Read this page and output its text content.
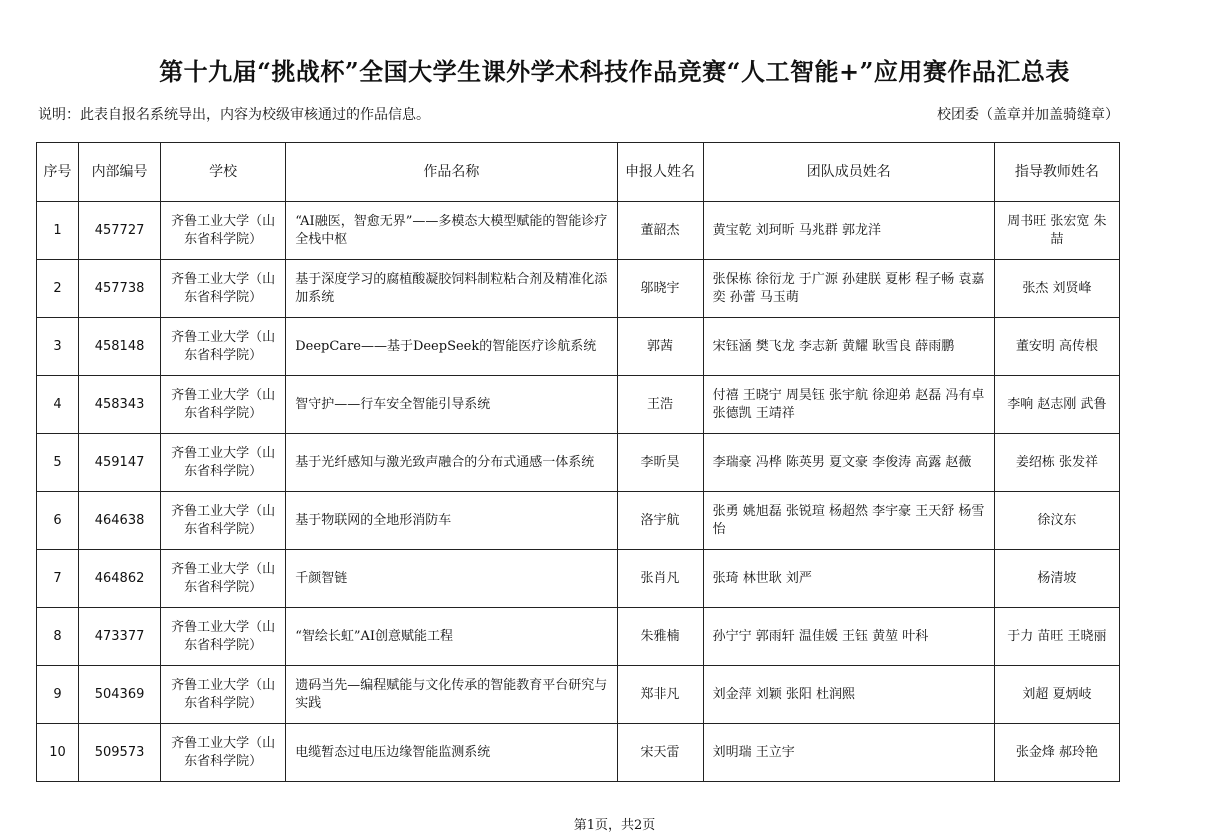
第十九届“挑战杯”全国大学生课外学术科技作品竞赛“人工智能+”应用赛作品汇总表
说明：此表自报名系统导出，内容为校级审核通过的作品信息。	校团委（盖章并加盖骑缝章）
序号	内部编号	学校	作品名称	申报人姓名	团队成员姓名	指导教师姓名
1	457727	齐鲁工业大学（山东省科学院）	“AI融医，智愈无界”——多模态大模型赋能的智能诊疗全栈中枢	董韶杰	黄宝乾 刘珂昕 马兆群 郭龙洋	周书旺 张宏宽 朱喆
2	457738	齐鲁工业大学（山东省科学院）	基于深度学习的腐植酸凝胶饲料制粒粘合剂及精准化添加系统	邬晓宇	张保栋 徐衍龙 于广源 孙建朕 夏彬 程子畅 袁嘉奕 孙蕾 马玉萌	张杰 刘贤峰
3	458148	齐鲁工业大学（山东省科学院）	DeepCare——基于DeepSeek的智能医疗诊航系统	郭茜	宋钰涵 樊飞龙 李志新 黄耀 耿雪良 薛雨鹏	董安明 高传根
4	458343	齐鲁工业大学（山东省科学院）	智守护——行车安全智能引导系统	王浩	付禧 王晓宁 周昊钰 张宇航 徐迎弟 赵磊 冯有卓 张德凯 王靖祥	李响 赵志刚 武鲁
5	459147	齐鲁工业大学（山东省科学院）	基于光纤感知与激光致声融合的分布式通感一体系统	李昕昊	李瑞豪 冯桦 陈英男 夏文豪 李俊涛 高露 赵薇	姜绍栋 张发祥
6	464638	齐鲁工业大学（山东省科学院）	基于物联网的全地形消防车	洛宇航	张勇 姚旭磊 张锐瑄 杨超然 李宇豪 王天舒 杨雪怡	徐汶东
7	464862	齐鲁工业大学（山东省科学院）	千颜智链	张肖凡	张琦 林世耿 刘严	杨清坡
8	473377	齐鲁工业大学（山东省科学院）	“智绘长虹”AI创意赋能工程	朱雅楠	孙宁宁 郭雨轩 温佳媛 王钰 黄堃 叶科	于力 苗旺 王晓丽
9	504369	齐鲁工业大学（山东省科学院）	遗码当先—编程赋能与文化传承的智能教育平台研究与实践	郑非凡	刘金萍 刘颖 张阳 杜润熙	刘超 夏炳岐
10	509573	齐鲁工业大学（山东省科学院）	电缆暂态过电压边缘智能监测系统	宋天雷	刘明瑞 王立宇	张金烽 郝玲艳
第1页，共2页
